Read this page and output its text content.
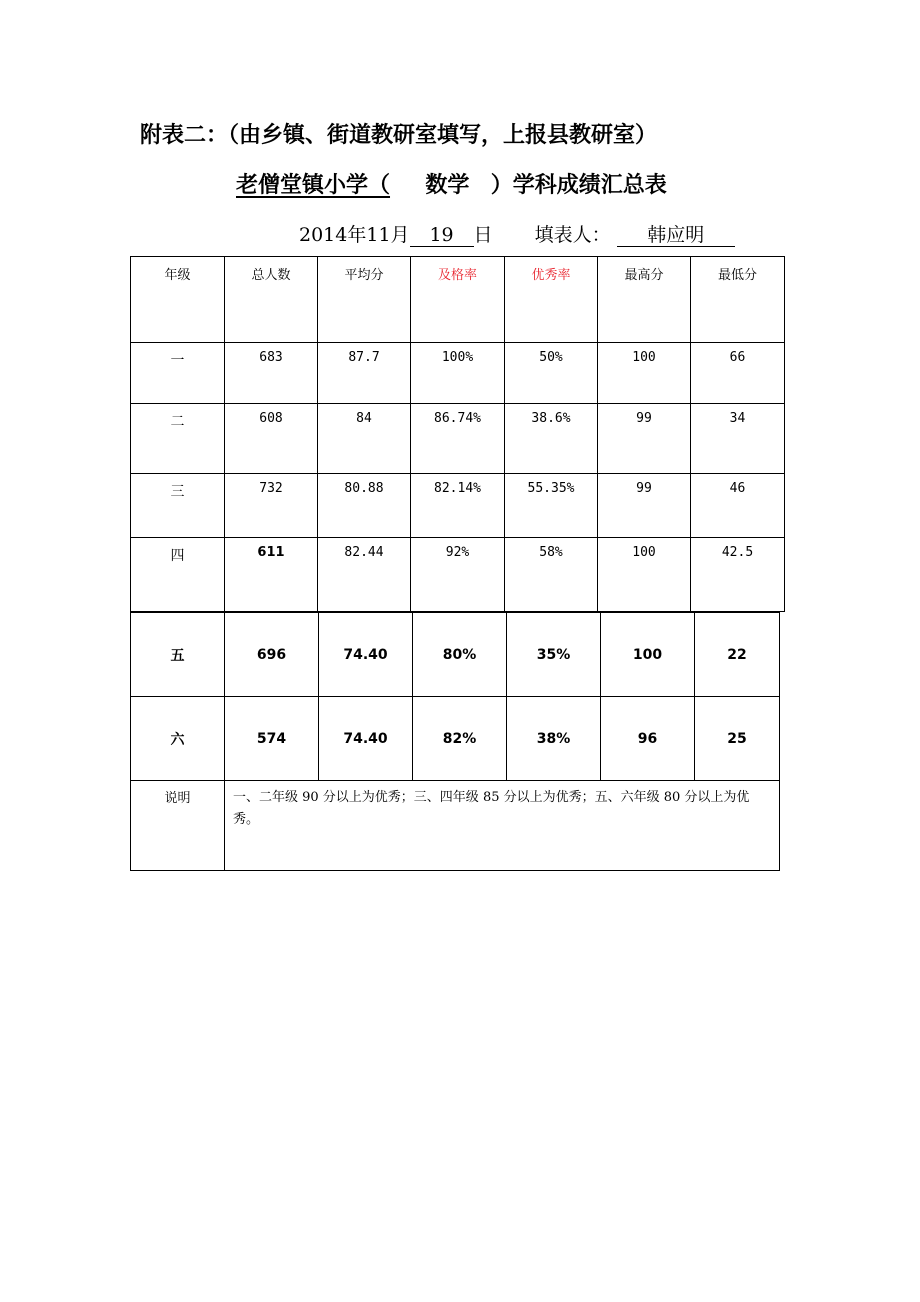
附表二：（由乡镇、街道教研室填写，上报县教研室）
老僧堂镇小学（ 数学 ）学科成绩汇总表
2014年11月 19 日 填表人： 韩应明
年级	总人数	平均分	及格率	优秀率	最高分	最低分
一	683	87.7	100%	50%	100	66
二	608	84	86.74%	38.6%	99	34
三	732	80.88	82.14%	55.35%	99	46
四	611	82.44	92%	58%	100	42.5
五	696	74.40	80%	35%	100	22
六	574	74.40	82%	38%	96	25
说明	一、二年级 90 分以上为优秀；三、四年级 85 分以上为优秀；五、六年级 80 分以上为优秀。					
